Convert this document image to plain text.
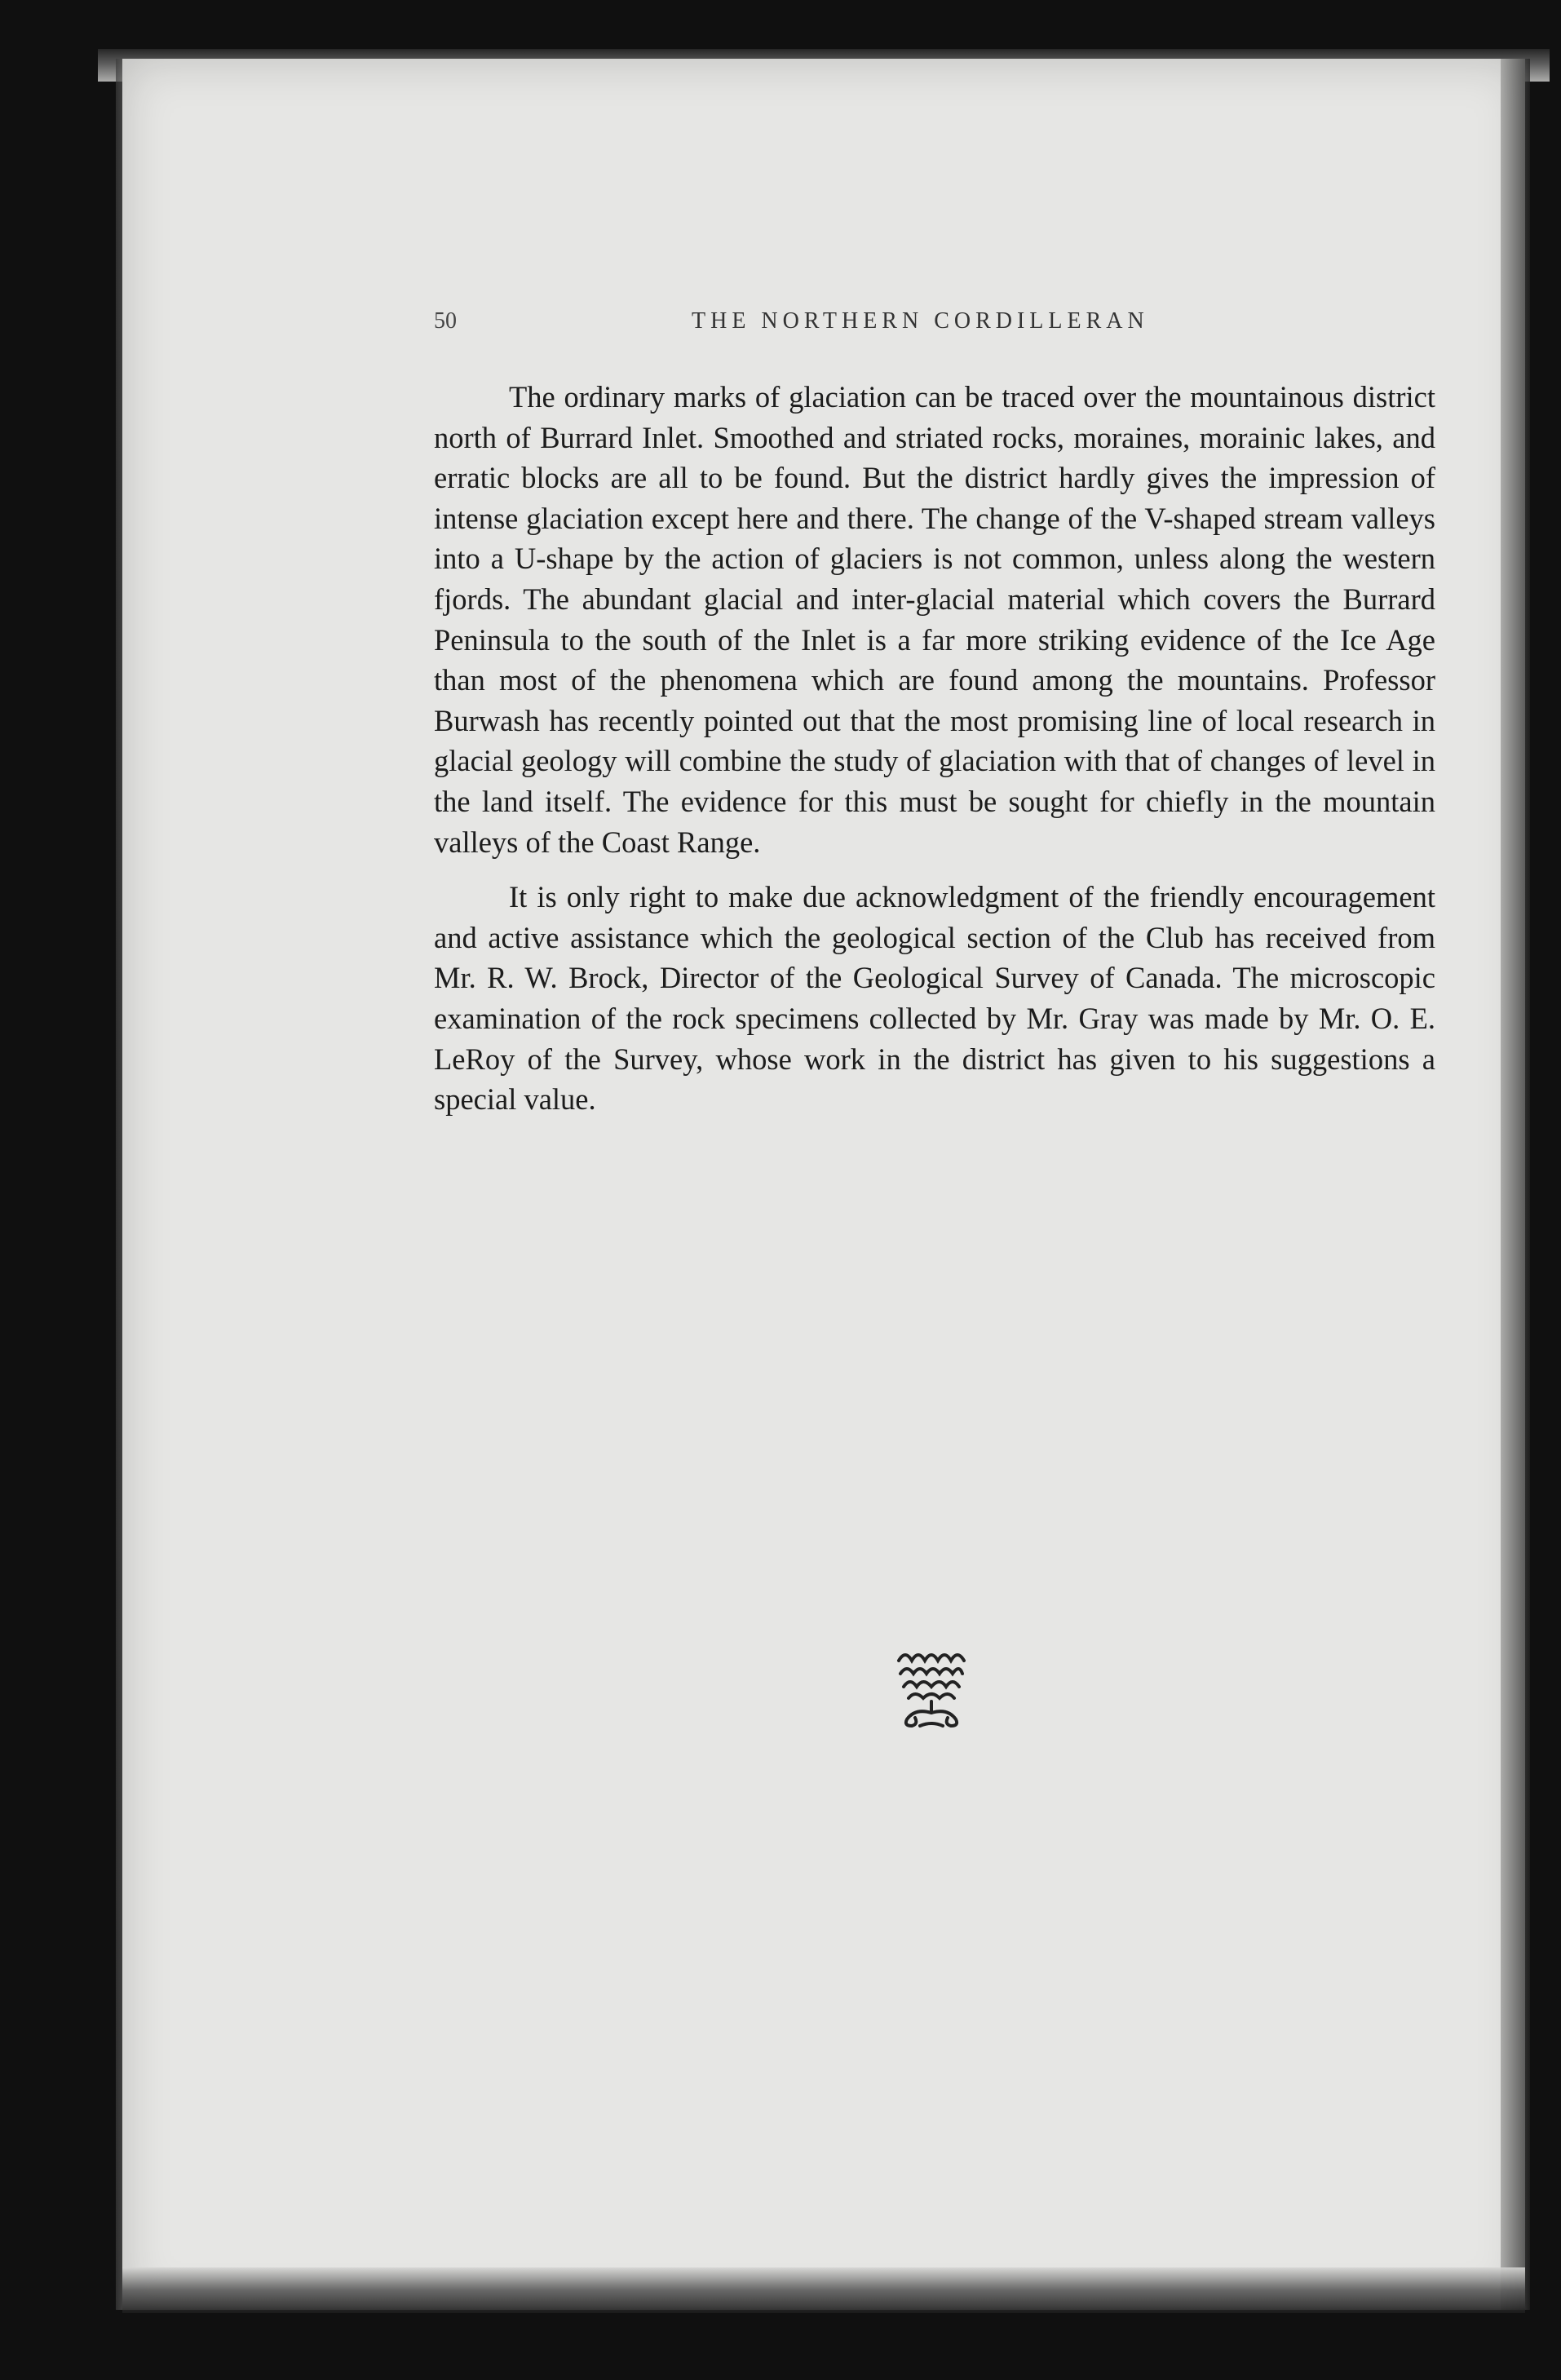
50	THE NORTHERN CORDILLERAN

The ordinary marks of glaciation can be traced over the mountainous district north of Burrard Inlet. Smoothed and striated rocks, moraines, morainic lakes, and erratic blocks are all to be found. But the district hardly gives the impression of intense glaciation except here and there. The change of the V-shaped stream valleys into a U-shape by the action of glaciers is not common, unless along the western fjords. The abundant glacial and inter-glacial material which covers the Burrard Peninsula to the south of the Inlet is a far more striking evidence of the Ice Age than most of the phenomena which are found among the mountains. Professor Burwash has recently pointed out that the most promising line of local research in glacial geology will combine the study of glaciation with that of changes of level in the land itself. The evidence for this must be sought for chiefly in the mountain valleys of the Coast Range.

It is only right to make due acknowledgment of the friendly encouragement and active assistance which the geological section of the Club has received from Mr. R. W. Brock, Director of the Geological Survey of Canada. The microscopic examination of the rock specimens collected by Mr. Gray was made by Mr. O. E. LeRoy of the Survey, whose work in the district has given to his suggestions a special value.
